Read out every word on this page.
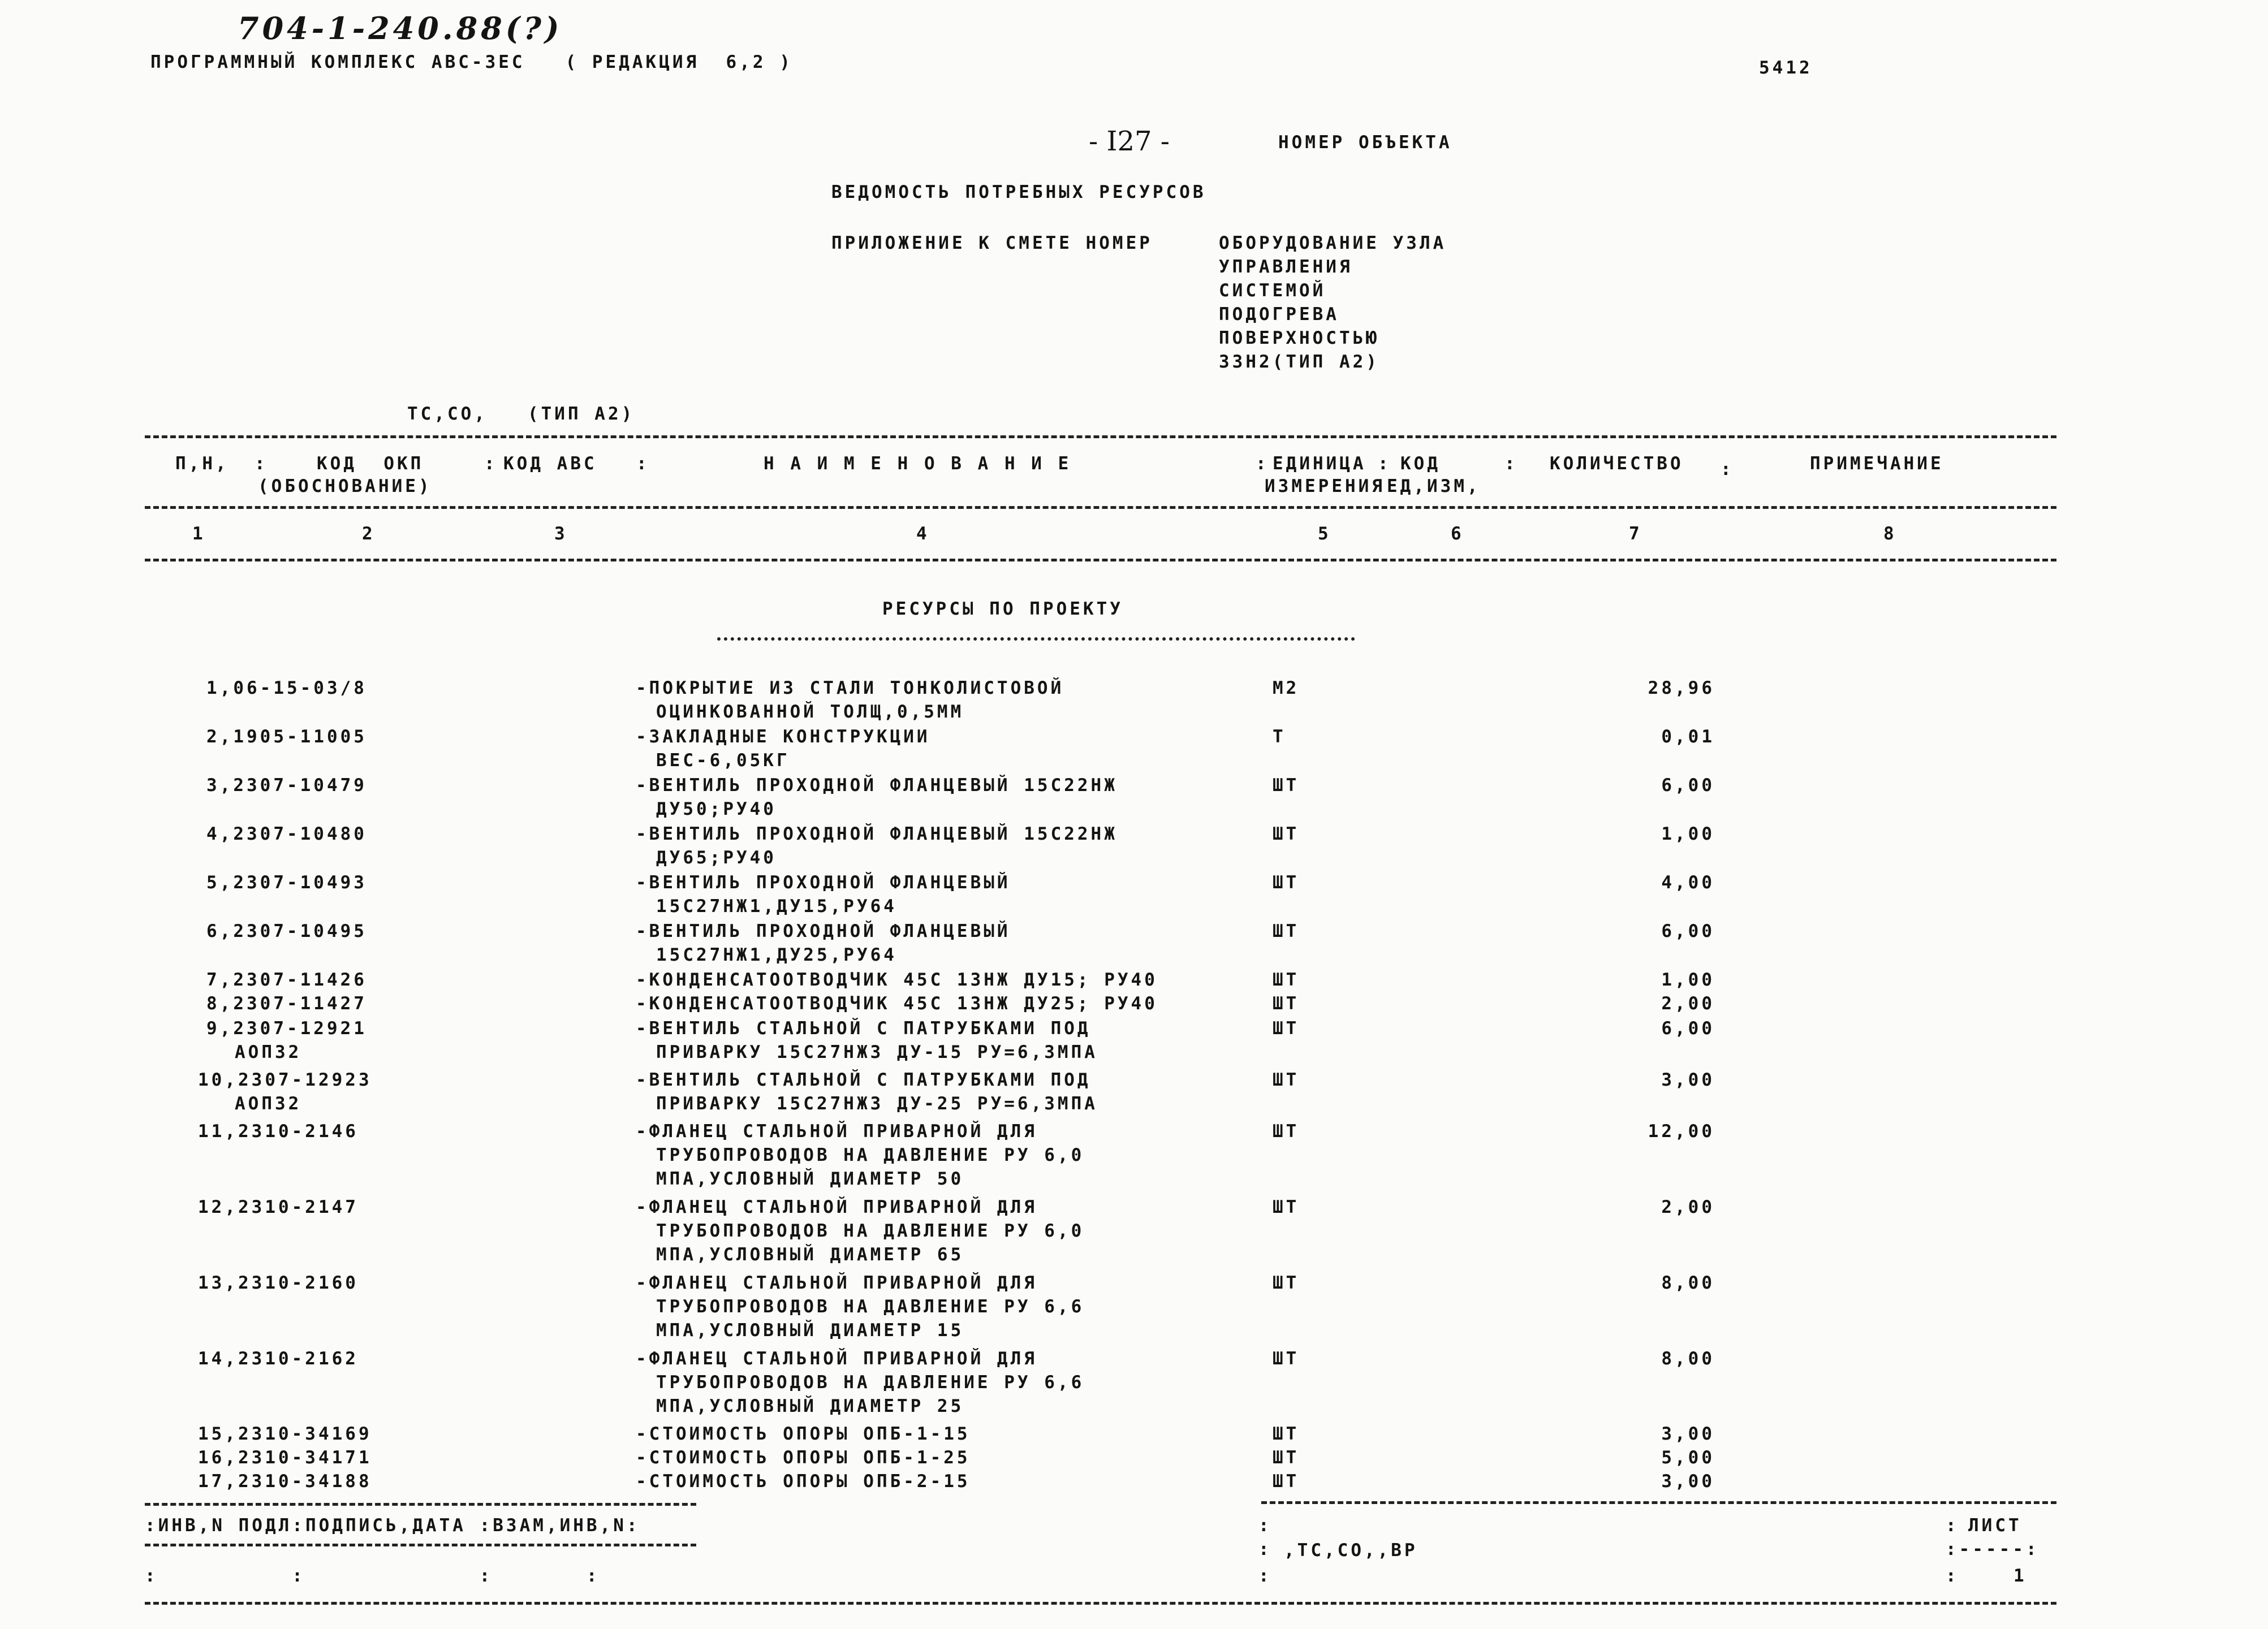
704-1-240.88(?)
ПРОГРАММНЫЙ КОМПЛЕКС АВС-3ЕС   ( РЕДАКЦИЯ  6,2 )	5412
- I27 -	НОМЕР ОБЪЕКТА
ВЕДОМОСТЬ ПОТРЕБНЫХ РЕСУРСОВ
ПРИЛОЖЕНИЕ К СМЕТЕ НОМЕР	ОБОРУДОВАНИЕ УЗЛА
УПРАВЛЕНИЯ
СИСТЕМОЙ
ПОДОГРЕВА
ПОВЕРХНОСТЬЮ
33Н2(ТИП А2)
ТС,СО,   (ТИП А2)
П,Н, :	КОД  ОКП
(ОБОСНОВАНИЕ)
: КОД АВС :	Н А И М Е Н О В А Н И Е	: ЕДИНИЦА
ИЗМЕРЕНИЯ
: КОД
ЕД,ИЗМ,
: КОЛИЧЕСТВО :	ПРИМЕЧАНИЕ
1	2	3	4	5	6	7	8
РЕСУРСЫ ПО ПРОЕКТУ
1,06-15-03/8	-ПОКРЫТИЕ ИЗ СТАЛИ ТОНКОЛИСТОВОЙ
ОЦИНКОВАННОЙ ТОЛЩ,0,5ММ
М2	28,96
2,1905-11005	-ЗАКЛАДНЫЕ КОНСТРУКЦИИ
ВЕС-6,05КГ
Т	0,01
3,2307-10479	-ВЕНТИЛЬ ПРОХОДНОЙ ФЛАНЦЕВЫЙ 15С22НЖ
ДУ50;РУ40
ШТ	6,00
4,2307-10480	-ВЕНТИЛЬ ПРОХОДНОЙ ФЛАНЦЕВЫЙ 15С22НЖ
ДУ65;РУ40
ШТ	1,00
5,2307-10493	-ВЕНТИЛЬ ПРОХОДНОЙ ФЛАНЦЕВЫЙ
15С27НЖ1,ДУ15,РУ64
ШТ	4,00
6,2307-10495	-ВЕНТИЛЬ ПРОХОДНОЙ ФЛАНЦЕВЫЙ
15С27НЖ1,ДУ25,РУ64
ШТ	6,00
7,2307-11426	-КОНДЕНСАТООТВОДЧИК 45С 13НЖ ДУ15; РУ40	ШТ	1,00
8,2307-11427	-КОНДЕНСАТООТВОДЧИК 45С 13НЖ ДУ25; РУ40	ШТ	2,00
9,2307-12921
АОП32
-ВЕНТИЛЬ СТАЛЬНОЙ С ПАТРУБКАМИ ПОД
ПРИВАРКУ 15С27НЖ3 ДУ-15 РУ=6,3МПА
ШТ	6,00
10,2307-12923
АОП32
-ВЕНТИЛЬ СТАЛЬНОЙ С ПАТРУБКАМИ ПОД
ПРИВАРКУ 15С27НЖ3 ДУ-25 РУ=6,3МПА
ШТ	3,00
11,2310-2146	-ФЛАНЕЦ СТАЛЬНОЙ ПРИВАРНОЙ ДЛЯ
ТРУБОПРОВОДОВ НА ДАВЛЕНИЕ РУ 6,0
МПА,УСЛОВНЫЙ ДИАМЕТР 50
ШТ	12,00
12,2310-2147	-ФЛАНЕЦ СТАЛЬНОЙ ПРИВАРНОЙ ДЛЯ
ТРУБОПРОВОДОВ НА ДАВЛЕНИЕ РУ 6,0
МПА,УСЛОВНЫЙ ДИАМЕТР 65
ШТ	2,00
13,2310-2160	-ФЛАНЕЦ СТАЛЬНОЙ ПРИВАРНОЙ ДЛЯ
ТРУБОПРОВОДОВ НА ДАВЛЕНИЕ РУ 6,6
МПА,УСЛОВНЫЙ ДИАМЕТР 15
ШТ	8,00
14,2310-2162	-ФЛАНЕЦ СТАЛЬНОЙ ПРИВАРНОЙ ДЛЯ
ТРУБОПРОВОДОВ НА ДАВЛЕНИЕ РУ 6,6
МПА,УСЛОВНЫЙ ДИАМЕТР 25
ШТ	8,00
15,2310-34169	-СТОИМОСТЬ ОПОРЫ ОПБ-1-15	ШТ	3,00
16,2310-34171	-СТОИМОСТЬ ОПОРЫ ОПБ-1-25	ШТ	5,00
17,2310-34188	-СТОИМОСТЬ ОПОРЫ ОПБ-2-15	ШТ	3,00
:ИНВ,N ПОДЛ:ПОДПИСЬ,ДАТА :ВЗАМ,ИНВ,N:
:          :             :       :
:
:
:
,ТС,СО,,ВР
: ЛИСТ
:-----:
:	1
